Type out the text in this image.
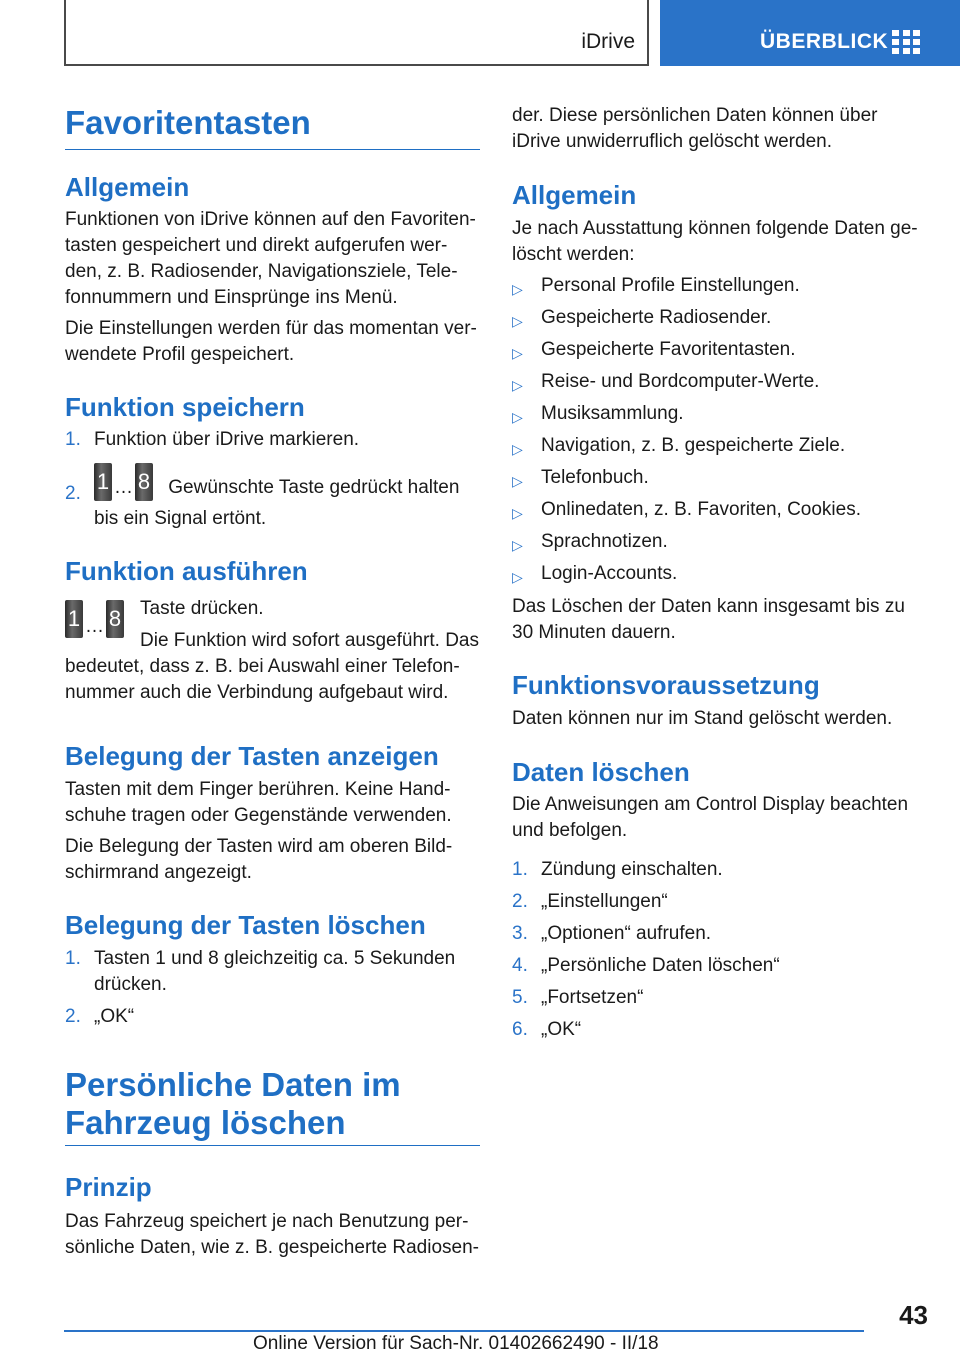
iDrive	ÜBERBLICK
Favoritentasten
Allgemein
Funktionen von iDrive können auf den Favoriten-
tasten gespeichert und direkt aufgerufen wer-
den, z. B. Radiosender, Navigationsziele, Tele-
fonnummern und Einsprünge ins Menü.
Die Einstellungen werden für das momentan ver-
wendete Profil gespeichert.
Funktion speichern
1. Funktion über iDrive markieren.
2. 1 … 8 Gewünschte Taste gedrückt halten
bis ein Signal ertönt.
Funktion ausführen
1 … 8 Taste drücken.
Die Funktion wird sofort ausgeführt. Das
bedeutet, dass z. B. bei Auswahl einer Telefon-
nummer auch die Verbindung aufgebaut wird.
Belegung der Tasten anzeigen
Tasten mit dem Finger berühren. Keine Hand-
schuhe tragen oder Gegenstände verwenden.
Die Belegung der Tasten wird am oberen Bild-
schirmrand angezeigt.
Belegung der Tasten löschen
1. Tasten 1 und 8 gleichzeitig ca. 5 Sekunden
drücken.
2. „OK“
Persönliche Daten im
Fahrzeug löschen
Prinzip
Das Fahrzeug speichert je nach Benutzung per-
sönliche Daten, wie z. B. gespeicherte Radiosen-
der. Diese persönlichen Daten können über
iDrive unwiderruflich gelöscht werden.
Allgemein
Je nach Ausstattung können folgende Daten ge-
löscht werden:
▷ Personal Profile Einstellungen.
▷ Gespeicherte Radiosender.
▷ Gespeicherte Favoritentasten.
▷ Reise- und Bordcomputer-Werte.
▷ Musiksammlung.
▷ Navigation, z. B. gespeicherte Ziele.
▷ Telefonbuch.
▷ Onlinedaten, z. B. Favoriten, Cookies.
▷ Sprachnotizen.
▷ Login-Accounts.
Das Löschen der Daten kann insgesamt bis zu
30 Minuten dauern.
Funktionsvoraussetzung
Daten können nur im Stand gelöscht werden.
Daten löschen
Die Anweisungen am Control Display beachten
und befolgen.
1. Zündung einschalten.
2. „Einstellungen“
3. „Optionen“ aufrufen.
4. „Persönliche Daten löschen“
5. „Fortsetzen“
6. „OK“
43
Online Version für Sach-Nr. 01402662490 - II/18
